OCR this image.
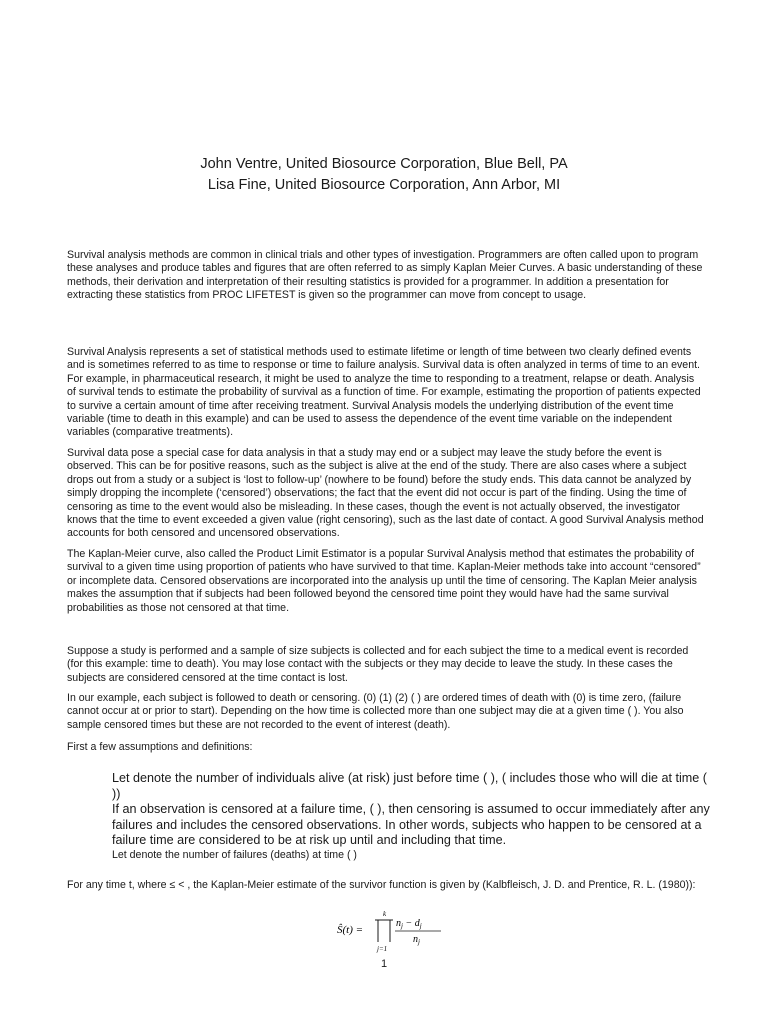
John Ventre, United Biosource Corporation, Blue Bell, PA
Lisa Fine, United Biosource Corporation, Ann Arbor, MI

Survival analysis methods are common in clinical trials and other types of investigation. Programmers are often called upon to program these analyses and produce tables and figures that are often referred to as simply Kaplan Meier Curves. A basic understanding of these methods, their derivation and interpretation of their resulting statistics is provided for a programmer. In addition a presentation for extracting these statistics from PROC LIFETEST is given so the programmer can move from concept to usage.

Survival Analysis represents a set of statistical methods used to estimate lifetime or length of time between two clearly defined events and is sometimes referred to as time to response or time to failure analysis. Survival data is often analyzed in terms of time to an event. For example, in pharmaceutical research, it might be used to analyze the time to responding to a treatment, relapse or death. Analysis of survival tends to estimate the probability of survival as a function of time. For example, estimating the proportion of patients expected to survive a certain amount of time after receiving treatment. Survival Analysis models the underlying distribution of the event time variable (time to death in this example) and can be used to assess the dependence of the event time variable on the independent variables (comparative treatments).

Survival data pose a special case for data analysis in that a study may end or a subject may leave the study before the event is observed. This can be for positive reasons, such as the subject is alive at the end of the study. There are also cases where a subject drops out from a study or a subject is ‘lost to follow-up’ (nowhere to be found) before the study ends. This data cannot be analyzed by simply dropping the incomplete (‘censored’) observations; the fact that the event did not occur is part of the finding. Using the time of censoring as time to the event would also be misleading. In these cases, though the event is not actually observed, the investigator knows that the time to event exceeded a given value (right censoring), such as the last date of contact. A good Survival Analysis method accounts for both censored and uncensored observations.

The Kaplan-Meier curve, also called the Product Limit Estimator is a popular Survival Analysis method that estimates the probability of survival to a given time using proportion of patients who have survived to that time. Kaplan-Meier methods take into account “censored” or incomplete data. Censored observations are incorporated into the analysis up until the time of censoring. The Kaplan Meier analysis makes the assumption that if subjects had been followed beyond the censored time point they would have had the same survival probabilities as those not censored at that time.

Suppose a study is performed and a sample of size subjects is collected and for each subject the time to a medical event is recorded (for this example: time to death). You may lose contact with the subjects or they may decide to leave the study. In these cases the subjects are considered censored at the time contact is lost.

In our example, each subject is followed to death or censoring. (0) (1) (2) ( ) are ordered times of death with (0) is time zero, (failure cannot occur at or prior to start). Depending on the how time is collected more than one subject may die at a given time ( ). You also sample censored times but these are not recorded to the event of interest (death).

First a few assumptions and definitions:

Let denote the number of individuals alive (at risk) just before time ( ), ( includes those who will die at time ( ))

If an observation is censored at a failure time, ( ), then censoring is assumed to occur immediately after any failures and includes the censored observations. In other words, subjects who happen to be censored at a failure time are considered to be at risk up until and including that time.

Let denote the number of failures (deaths) at time ( )

For any time t, where ≤ < , the Kaplan-Meier estimate of the survivor function is given by (Kalbfleisch, J. D. and Prentice, R. L. (1980)):

Ŝ(t) =
k
j=1
$n_j - d_j$
$n_j$
1
